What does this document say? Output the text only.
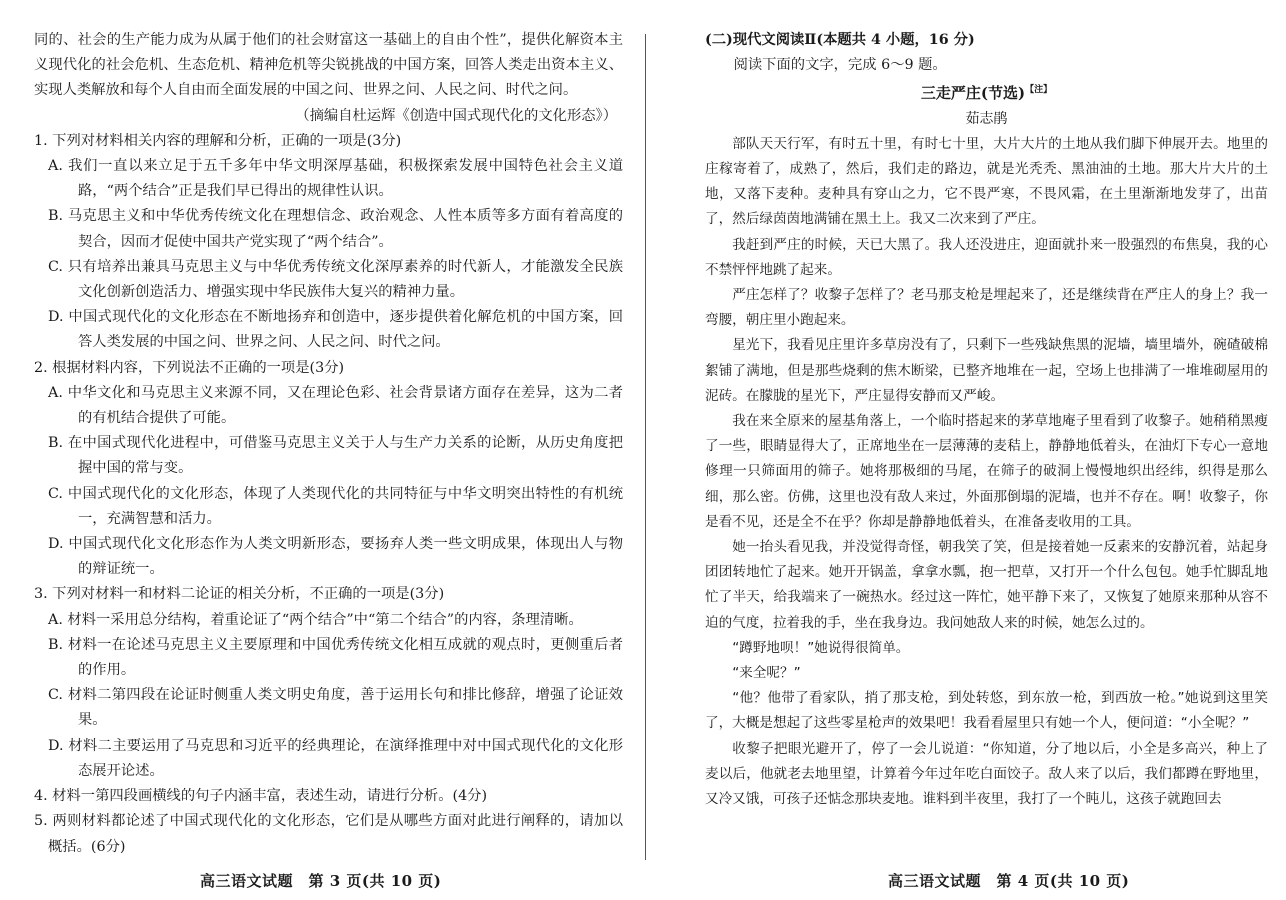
同的、社会的生产能力成为从属于他们的社会财富这一基础上的自由个性”，提供化解资本主义现代化的社会危机、生态危机、精神危机等尖锐挑战的中国方案，回答人类走出资本主义、实现人类解放和每个人自由而全面发展的中国之问、世界之问、人民之问、时代之问。

（摘编自杜运辉《创造中国式现代化的文化形态》）

1. 下列对材料相关内容的理解和分析，正确的一项是(3分)

A. 我们一直以来立足于五千多年中华文明深厚基础，积极探索发展中国特色社会主义道路，“两个结合”正是我们早已得出的规律性认识。

B. 马克思主义和中华优秀传统文化在理想信念、政治观念、人性本质等多方面有着高度的契合，因而才促使中国共产党实现了“两个结合”。

C. 只有培养出兼具马克思主义与中华优秀传统文化深厚素养的时代新人，才能激发全民族文化创新创造活力、增强实现中华民族伟大复兴的精神力量。

D. 中国式现代化的文化形态在不断地扬弃和创造中，逐步提供着化解危机的中国方案，回答人类发展的中国之问、世界之问、人民之问、时代之问。

2. 根据材料内容，下列说法不正确的一项是(3分)

A. 中华文化和马克思主义来源不同，又在理论色彩、社会背景诸方面存在差异，这为二者的有机结合提供了可能。

B. 在中国式现代化进程中，可借鉴马克思主义关于人与生产力关系的论断，从历史角度把握中国的常与变。

C. 中国式现代化的文化形态，体现了人类现代化的共同特征与中华文明突出特性的有机统一，充满智慧和活力。

D. 中国式现代化文化形态作为人类文明新形态，要扬弃人类一些文明成果，体现出人与物的辩证统一。

3. 下列对材料一和材料二论证的相关分析，不正确的一项是(3分)

A. 材料一采用总分结构，着重论证了“两个结合”中“第二个结合”的内容，条理清晰。

B. 材料一在论述马克思主义主要原理和中国优秀传统文化相互成就的观点时，更侧重后者的作用。

C. 材料二第四段在论证时侧重人类文明史角度，善于运用长句和排比修辞，增强了论证效果。

D. 材料二主要运用了马克思和习近平的经典理论，在演绎推理中对中国式现代化的文化形态展开论述。

4. 材料一第四段画横线的句子内涵丰富，表述生动，请进行分析。(4分)

5. 两则材料都论述了中国式现代化的文化形态，它们是从哪些方面对此进行阐释的，请加以概括。(6分)

(二)现代文阅读Ⅱ(本题共 4 小题，16 分)

阅读下面的文字，完成 6～9 题。

三走严庄(节选)$^{【注】}$

茹志鹃

部队天天行军，有时五十里，有时七十里，大片大片的土地从我们脚下伸展开去。地里的庄稼寄着了，成熟了，然后，我们走的路边，就是光秃秃、黑油油的土地。那大片大片的土地，又落下麦种。麦种具有穿山之力，它不畏严寒，不畏风霜，在土里渐渐地发芽了，出苗了，然后绿茵茵地满铺在黑土上。我又二次来到了严庄。

我赶到严庄的时候，天已大黑了。我人还没进庄，迎面就扑来一股强烈的布焦臭，我的心不禁怦怦地跳了起来。

严庄怎样了？收黎子怎样了？老马那支枪是埋起来了，还是继续背在严庄人的身上？我一弯腰，朝庄里小跑起来。

星光下，我看见庄里许多草房没有了，只剩下一些残缺焦黑的泥墙，墙里墙外，碗碴破棉絮铺了满地，但是那些烧剩的焦木断梁，已整齐地堆在一起，空场上也排满了一堆堆砌屋用的泥砖。在朦胧的星光下，严庄显得安静而又严峻。

我在来全原来的屋基角落上，一个临时搭起来的茅草地庵子里看到了收黎子。她稍稍黑瘦了一些，眼睛显得大了，正席地坐在一层薄薄的麦秸上，静静地低着头，在油灯下专心一意地修理一只筛面用的筛子。她将那极细的马尾，在筛子的破洞上慢慢地织出经纬，织得是那么细，那么密。仿佛，这里也没有敌人来过，外面那倒塌的泥墙，也并不存在。啊！收黎子，你是看不见，还是全不在乎？你却是静静地低着头，在准备麦收用的工具。

她一抬头看见我，并没觉得奇怪，朝我笑了笑，但是接着她一反素来的安静沉着，站起身团团转地忙了起来。她开开锅盖，拿拿水瓢，抱一把草，又打开一个什么包包。她手忙脚乱地忙了半天，给我端来了一碗热水。经过这一阵忙，她平静下来了，又恢复了她原来那种从容不迫的气度，拉着我的手，坐在我身边。我问她敌人来的时候，她怎么过的。

“蹲野地呗！”她说得很简单。

“来全呢？”

“他？他带了看家队，捎了那支枪，到处转悠，到东放一枪，到西放一枪。”她说到这里笑了，大概是想起了这些零星枪声的效果吧！我看看屋里只有她一个人，便问道：“小全呢？”

收黎子把眼光避开了，停了一会儿说道：“你知道，分了地以后，小全是多高兴，种上了麦以后，他就老去地里望，计算着今年过年吃白面饺子。敌人来了以后，我们都蹲在野地里，又冷又饿，可孩子还惦念那块麦地。谁料到半夜里，我打了一个盹儿，这孩子就跑回去

高三语文试题　第 3 页(共 10 页)	高三语文试题　第 4 页(共 10 页)
